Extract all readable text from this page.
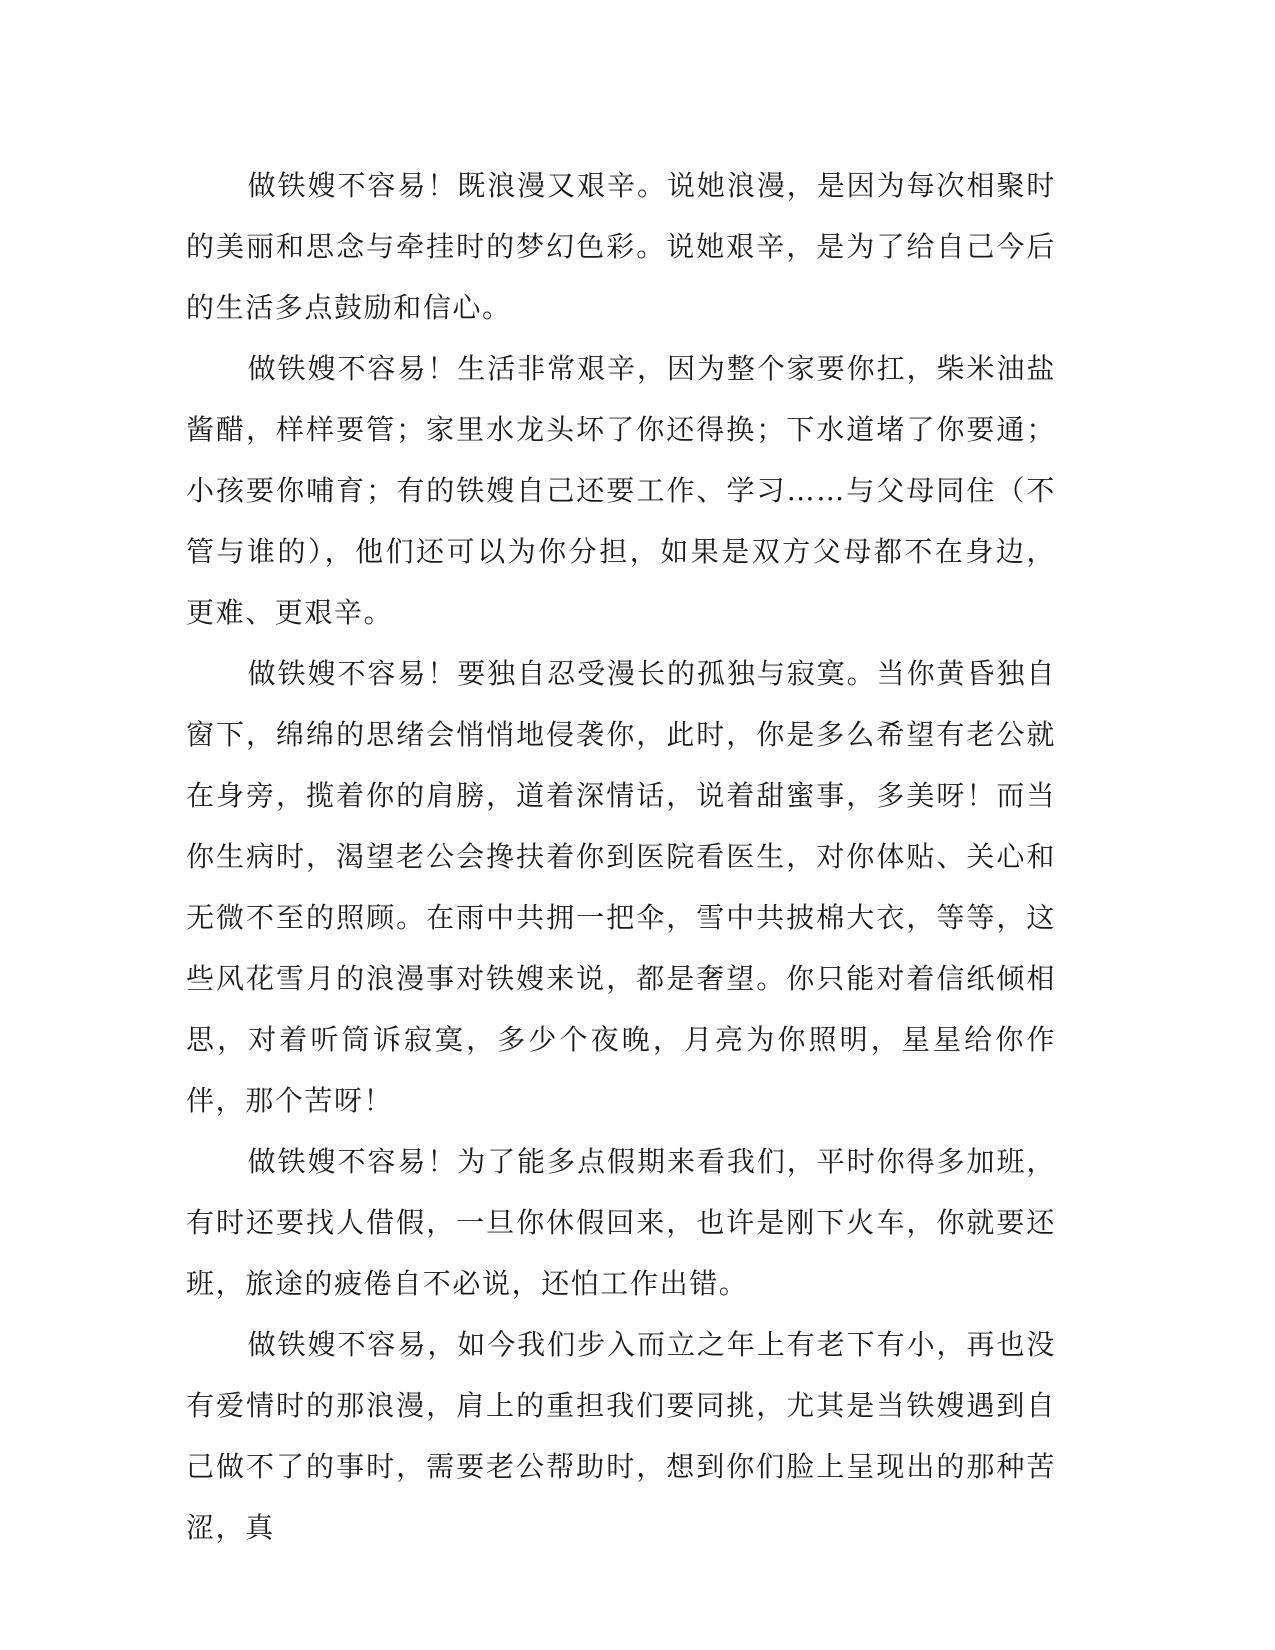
做铁嫂不容易！既浪漫又艰辛。说她浪漫，是因为每次相聚时的美丽和思念与牵挂时的梦幻色彩。说她艰辛，是为了给自己今后的生活多点鼓励和信心。

做铁嫂不容易！生活非常艰辛，因为整个家要你扛，柴米油盐酱醋，样样要管；家里水龙头坏了你还得换；下水道堵了你要通；小孩要你哺育；有的铁嫂自己还要工作、学习……与父母同住（不管与谁的），他们还可以为你分担，如果是双方父母都不在身边，更难、更艰辛。

做铁嫂不容易！要独自忍受漫长的孤独与寂寞。当你黄昏独自窗下，绵绵的思绪会悄悄地侵袭你，此时，你是多么希望有老公就在身旁，揽着你的肩膀，道着深情话，说着甜蜜事，多美呀！而当你生病时，渴望老公会搀扶着你到医院看医生，对你体贴、关心和无微不至的照顾。在雨中共拥一把伞，雪中共披棉大衣，等等，这些风花雪月的浪漫事对铁嫂来说，都是奢望。你只能对着信纸倾相思，对着听筒诉寂寞，多少个夜晚，月亮为你照明，星星给你作伴，那个苦呀！

做铁嫂不容易！为了能多点假期来看我们，平时你得多加班，有时还要找人借假，一旦你休假回来，也许是刚下火车，你就要还班，旅途的疲倦自不必说，还怕工作出错。

做铁嫂不容易，如今我们步入而立之年上有老下有小，再也没有爱情时的那浪漫，肩上的重担我们要同挑，尤其是当铁嫂遇到自己做不了的事时，需要老公帮助时，想到你们脸上呈现出的那种苦涩，真
